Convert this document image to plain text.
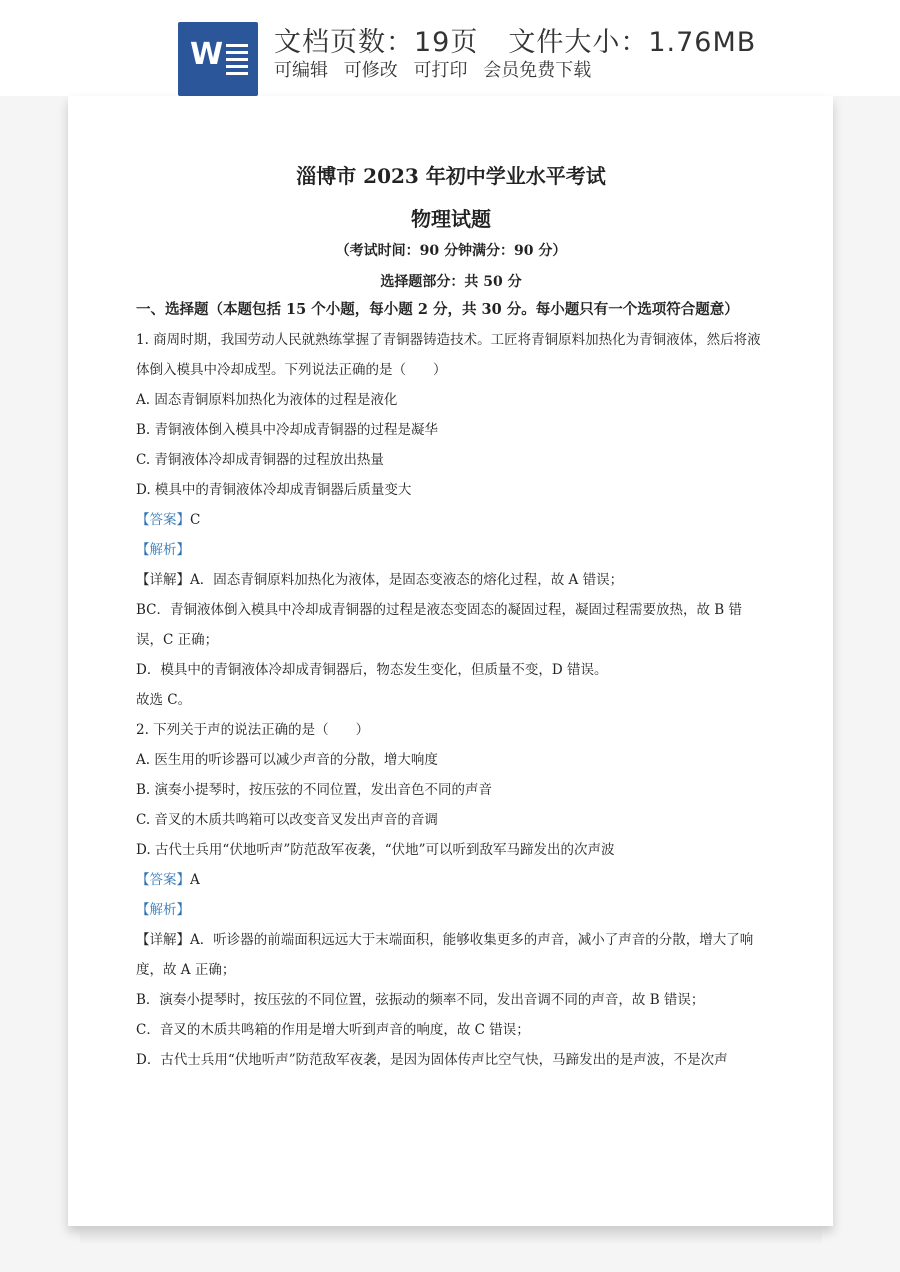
W 文档页数：19页 文件大小：1.76MB
可编辑 可修改 可打印 会员免费下载
淄博市 2023 年初中学业水平考试
物理试题
（考试时间：90 分钟满分：90 分）
选择题部分：共 50 分
一、选择题（本题包括 15 个小题，每小题 2 分，共 30 分。每小题只有一个选项符合题意）
1. 商周时期，我国劳动人民就熟练掌握了青铜器铸造技术。工匠将青铜原料加热化为青铜液体，然后将液
体倒入模具中冷却成型。下列说法正确的是（　　）
A. 固态青铜原料加热化为液体的过程是液化
B. 青铜液体倒入模具中冷却成青铜器的过程是凝华
C. 青铜液体冷却成青铜器的过程放出热量
D. 模具中的青铜液体冷却成青铜器后质量变大
【答案】C
【解析】
【详解】A．固态青铜原料加热化为液体，是固态变液态的熔化过程，故 A 错误；
BC．青铜液体倒入模具中冷却成青铜器的过程是液态变固态的凝固过程，凝固过程需要放热，故 B 错
误，C 正确；
D．模具中的青铜液体冷却成青铜器后，物态发生变化，但质量不变，D 错误。
故选 C。
2. 下列关于声的说法正确的是（　　）
A. 医生用的听诊器可以减少声音的分散，增大响度
B. 演奏小提琴时，按压弦的不同位置，发出音色不同的声音
C. 音叉的木质共鸣箱可以改变音叉发出声音的音调
D. 古代士兵用“伏地听声”防范敌军夜袭，“伏地”可以听到敌军马蹄发出的次声波
【答案】A
【解析】
【详解】A．听诊器的前端面积远远大于末端面积，能够收集更多的声音，减小了声音的分散，增大了响
度，故 A 正确；
B．演奏小提琴时，按压弦的不同位置，弦振动的频率不同，发出音调不同的声音，故 B 错误；
C．音叉的木质共鸣箱的作用是增大听到声音的响度，故 C 错误；
D．古代士兵用“伏地听声”防范敌军夜袭，是因为固体传声比空气快，马蹄发出的是声波，不是次声
